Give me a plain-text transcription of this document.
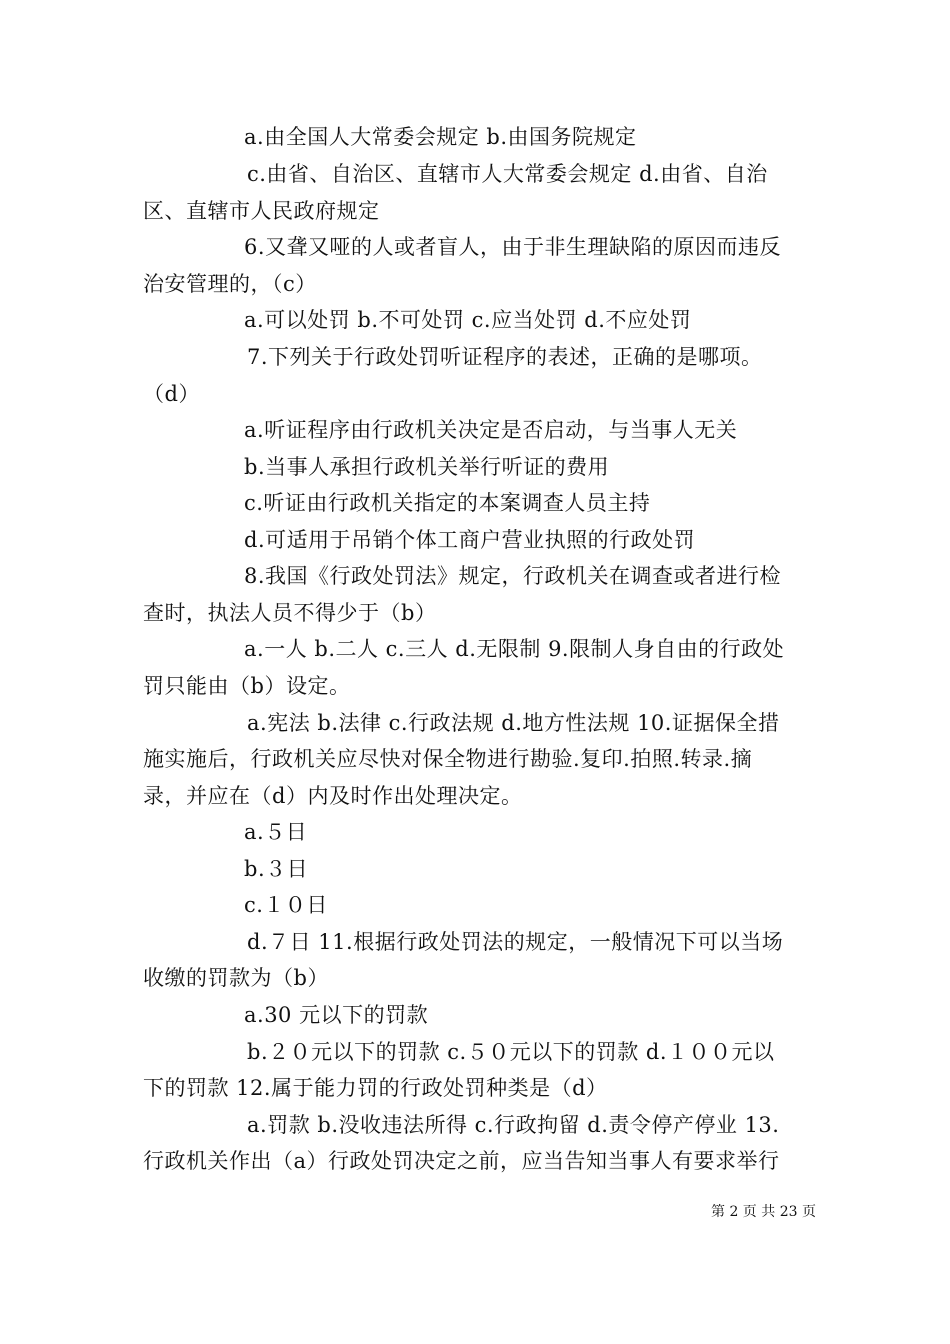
a.由全国人大常委会规定 b.由国务院规定
c.由省、自治区、直辖市人大常委会规定 d.由省、自治
区、直辖市人民政府规定
6.又聋又哑的人或者盲人，由于非生理缺陷的原因而违反
治安管理的，（c）
a.可以处罚 b.不可处罚 c.应当处罚 d.不应处罚
7.下列关于行政处罚听证程序的表述，正确的是哪项。
（d）
a.听证程序由行政机关决定是否启动，与当事人无关
b.当事人承担行政机关举行听证的费用
c.听证由行政机关指定的本案调查人员主持
d.可适用于吊销个体工商户营业执照的行政处罚
8.我国《行政处罚法》规定，行政机关在调查或者进行检
查时，执法人员不得少于（b）
a.一人 b.二人 c.三人 d.无限制 9.限制人身自由的行政处
罚只能由（b）设定。
a.宪法 b.法律 c.行政法规 d.地方性法规 10.证据保全措
施实施后，行政机关应尽快对保全物进行勘验.复印.拍照.转录.摘
录，并应在（d）内及时作出处理决定。
a.５日
b.３日
c.１０日
d.７日 11.根据行政处罚法的规定，一般情况下可以当场
收缴的罚款为（b）
a.30 元以下的罚款
b.２０元以下的罚款 c.５０元以下的罚款 d.１００元以
下的罚款 12.属于能力罚的行政处罚种类是（d）
a.罚款 b.没收违法所得 c.行政拘留 d.责令停产停业 13.
行政机关作出（a）行政处罚决定之前，应当告知当事人有要求举行
第 2 页 共 23 页
